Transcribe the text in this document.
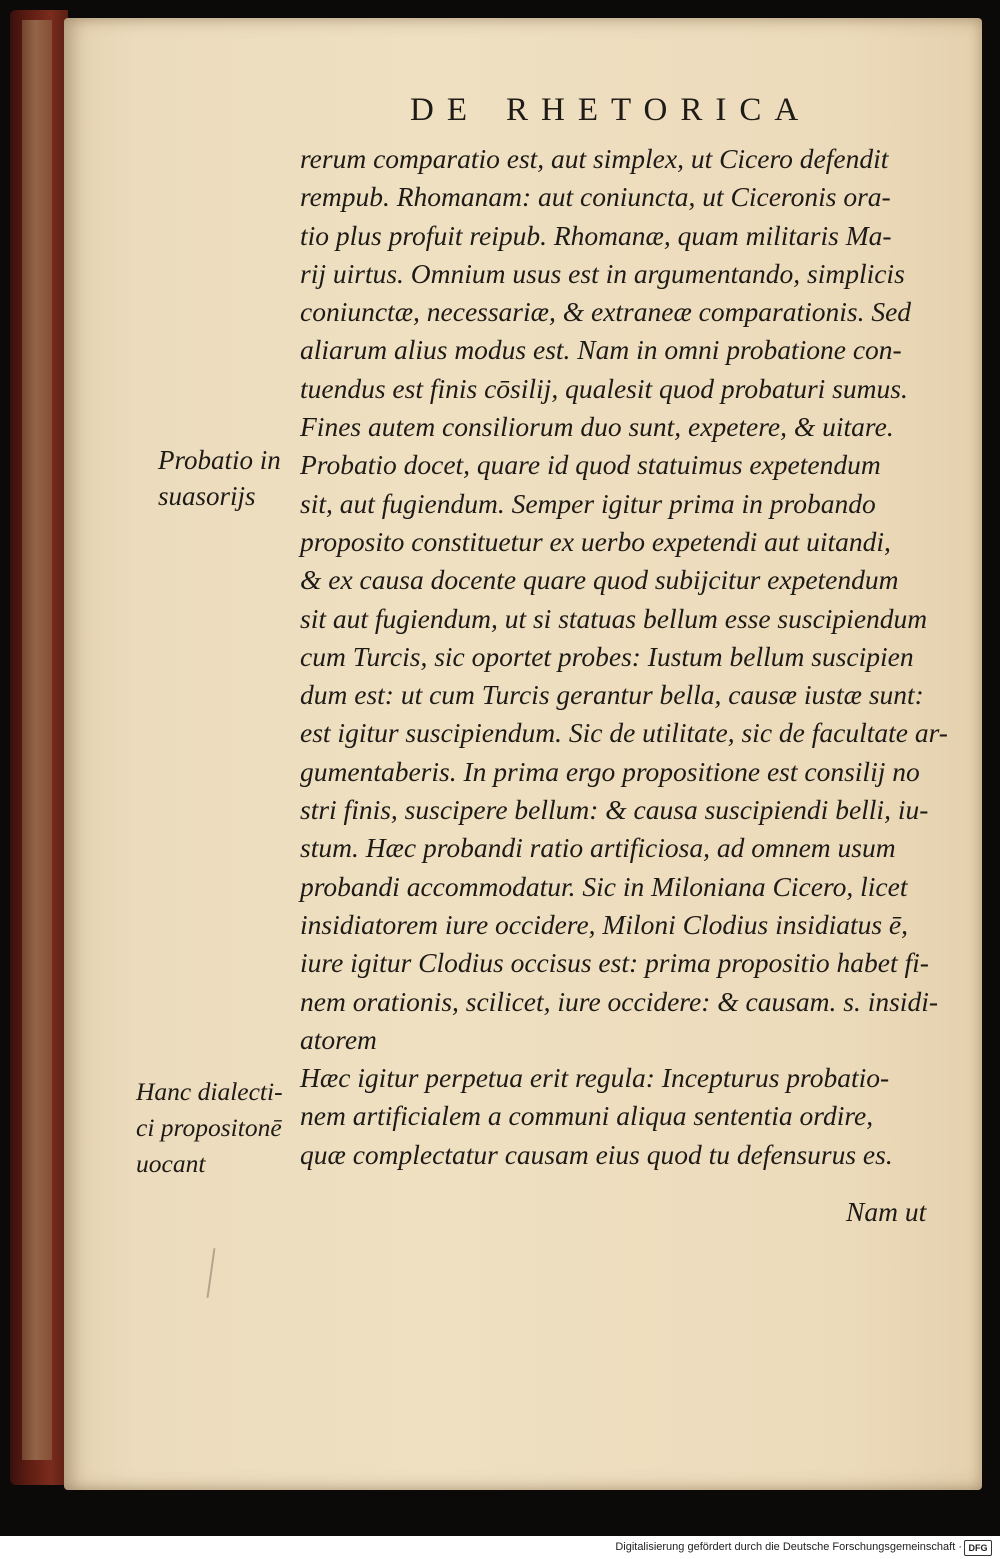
DE RHETORICA
rerum comparatio est, aut simplex, ut Cicero defendit
rempub. Rhomanam: aut coniuncta, ut Ciceronis ora-
tio plus profuit reipub. Rhomanæ, quam militaris Ma-
rij uirtus. Omnium usus est in argumentando, simplicis
coniunctæ, necessariæ, & extraneæ comparationis. Sed
aliarum alius modus est. Nam in omni probatione con-
tuendus est finis cōsilij, qualesit quod probaturi sumus.
Fines autem consiliorum duo sunt, expetere, & uitare.
Probatio docet, quare id quod statuimus expetendum
sit, aut fugiendum. Semper igitur prima in probando
proposito constituetur ex uerbo expetendi aut uitandi,
& ex causa docente quare quod subijcitur expetendum
sit aut fugiendum, ut si statuas bellum esse suscipiendum
cum Turcis, sic oportet probes: Iustum bellum suscipien
dum est: ut cum Turcis gerantur bella, causæ iustæ sunt:
est igitur suscipiendum. Sic de utilitate, sic de facultate ar-
gumentaberis. In prima ergo propositione est consilij no
stri finis, suscipere bellum: & causa suscipiendi belli, iu-
stum. Hæc probandi ratio artificiosa, ad omnem usum
probandi accommodatur. Sic in Miloniana Cicero, licet
insidiatorem iure occidere, Miloni Clodius insidiatus ē,
iure igitur Clodius occisus est: prima propositio habet fi-
nem orationis, scilicet, iure occidere: & causam. s. insidi-
atorem
Hæc igitur perpetua erit regula: Incepturus probatio-
nem artificialem a communi aliqua sententia ordire,
quæ complectatur causam eius quod tu defensurus es.
Probatio in
suasorijs
Hanc dialecti-
ci propositonē
uocant
Nam ut
Digitalisierung gefördert durch die Deutsche Forschungsgemeinschaft · DFG
